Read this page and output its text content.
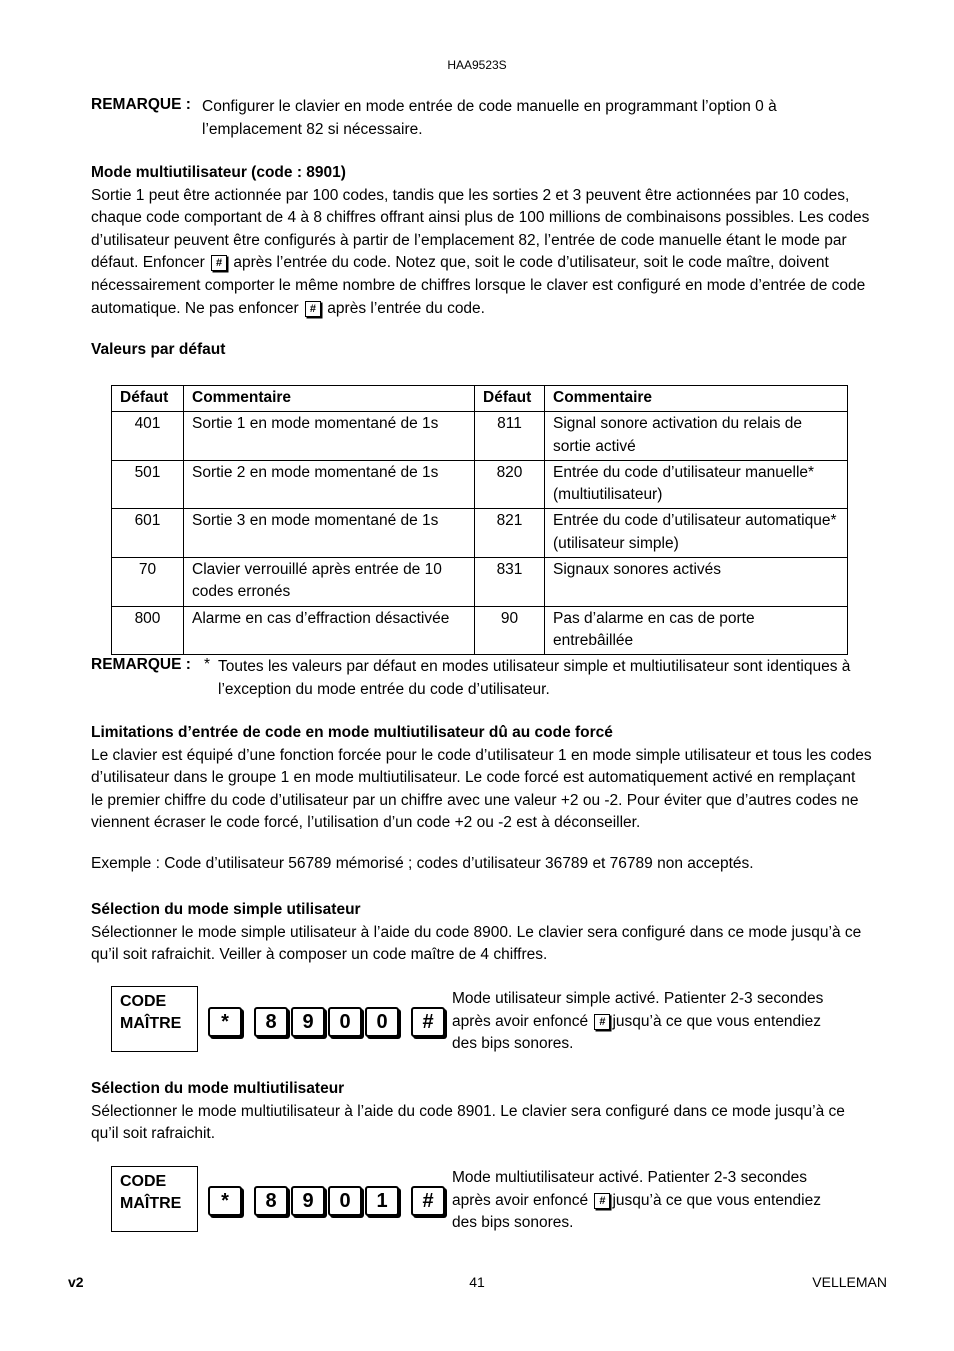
HAA9523S
REMARQUE : Configurer le clavier en mode entrée de code manuelle en programmant l’option 0 à
l’emplacement 82 si nécessaire.
Mode multiutilisateur (code : 8901)
Sortie 1 peut être actionnée par 100 codes, tandis que les sorties 2 et 3 peuvent être actionnées par 10 codes,
chaque code comportant de 4 à 8 chiffres offrant ainsi plus de 100 millions de combinaisons possibles. Les codes
d’utilisateur peuvent être configurés à partir de l’emplacement 82, l’entrée de code manuelle étant le mode par
défaut. Enfoncer # après l’entrée du code. Notez que, soit le code d’utilisateur, soit le code maître, doivent
nécessairement comporter le même nombre de chiffres lorsque le claver est configuré en mode d’entrée de code
automatique. Ne pas enfoncer # après l’entrée du code.
Valeurs par défaut
Défaut	Commentaire	Défaut	Commentaire
401	Sortie 1 en mode momentané de 1s	811	Signal sonore activation du relais de sortie activé
501	Sortie 2 en mode momentané de 1s	820	Entrée du code d’utilisateur manuelle* (multiutilisateur)
601	Sortie 3 en mode momentané de 1s	821	Entrée du code d’utilisateur automatique* (utilisateur simple)
70	Clavier verrouillé après entrée de 10 codes erronés	831	Signaux sonores activés
800	Alarme en cas d’effraction désactivée	90	Pas d’alarme en cas de porte entrebâillée
REMARQUE : * Toutes les valeurs par défaut en modes utilisateur simple et multiutilisateur sont identiques à
l’exception du mode entrée du code d’utilisateur.
Limitations d’entrée de code en mode multiutilisateur dû au code forcé
Le clavier est équipé d’une fonction forcée pour le code d’utilisateur 1 en mode simple utilisateur et tous les codes
d’utilisateur dans le groupe 1 en mode multiutilisateur. Le code forcé est automatiquement activé en remplaçant
le premier chiffre du code d’utilisateur par un chiffre avec une valeur +2 ou -2. Pour éviter que d’autres codes ne
viennent écraser le code forcé, l’utilisation d’un code +2 ou -2 est à déconseiller.
Exemple : Code d’utilisateur 56789 mémorisé ; codes d’utilisateur 36789 et 76789 non acceptés.
Sélection du mode simple utilisateur
Sélectionner le mode simple utilisateur à l’aide du code 8900. Le clavier sera configuré dans ce mode jusqu’à ce
qu’il soit rafraichit. Veiller à composer un code maître de 4 chiffres.
CODE
MAÎTRE	* 8 9 0 0 #
Mode utilisateur simple activé. Patienter 2-3 secondes
après avoir enfoncé # jusqu’à ce que vous entendiez
des bips sonores.
Sélection du mode multiutilisateur
Sélectionner le mode multiutilisateur à l’aide du code 8901. Le clavier sera configuré dans ce mode jusqu’à ce
qu’il soit rafraichit.
CODE
MAÎTRE	* 8 9 0 1 #
Mode multiutilisateur activé. Patienter 2-3 secondes
après avoir enfoncé # jusqu’à ce que vous entendiez
des bips sonores.
v2	41	VELLEMAN
